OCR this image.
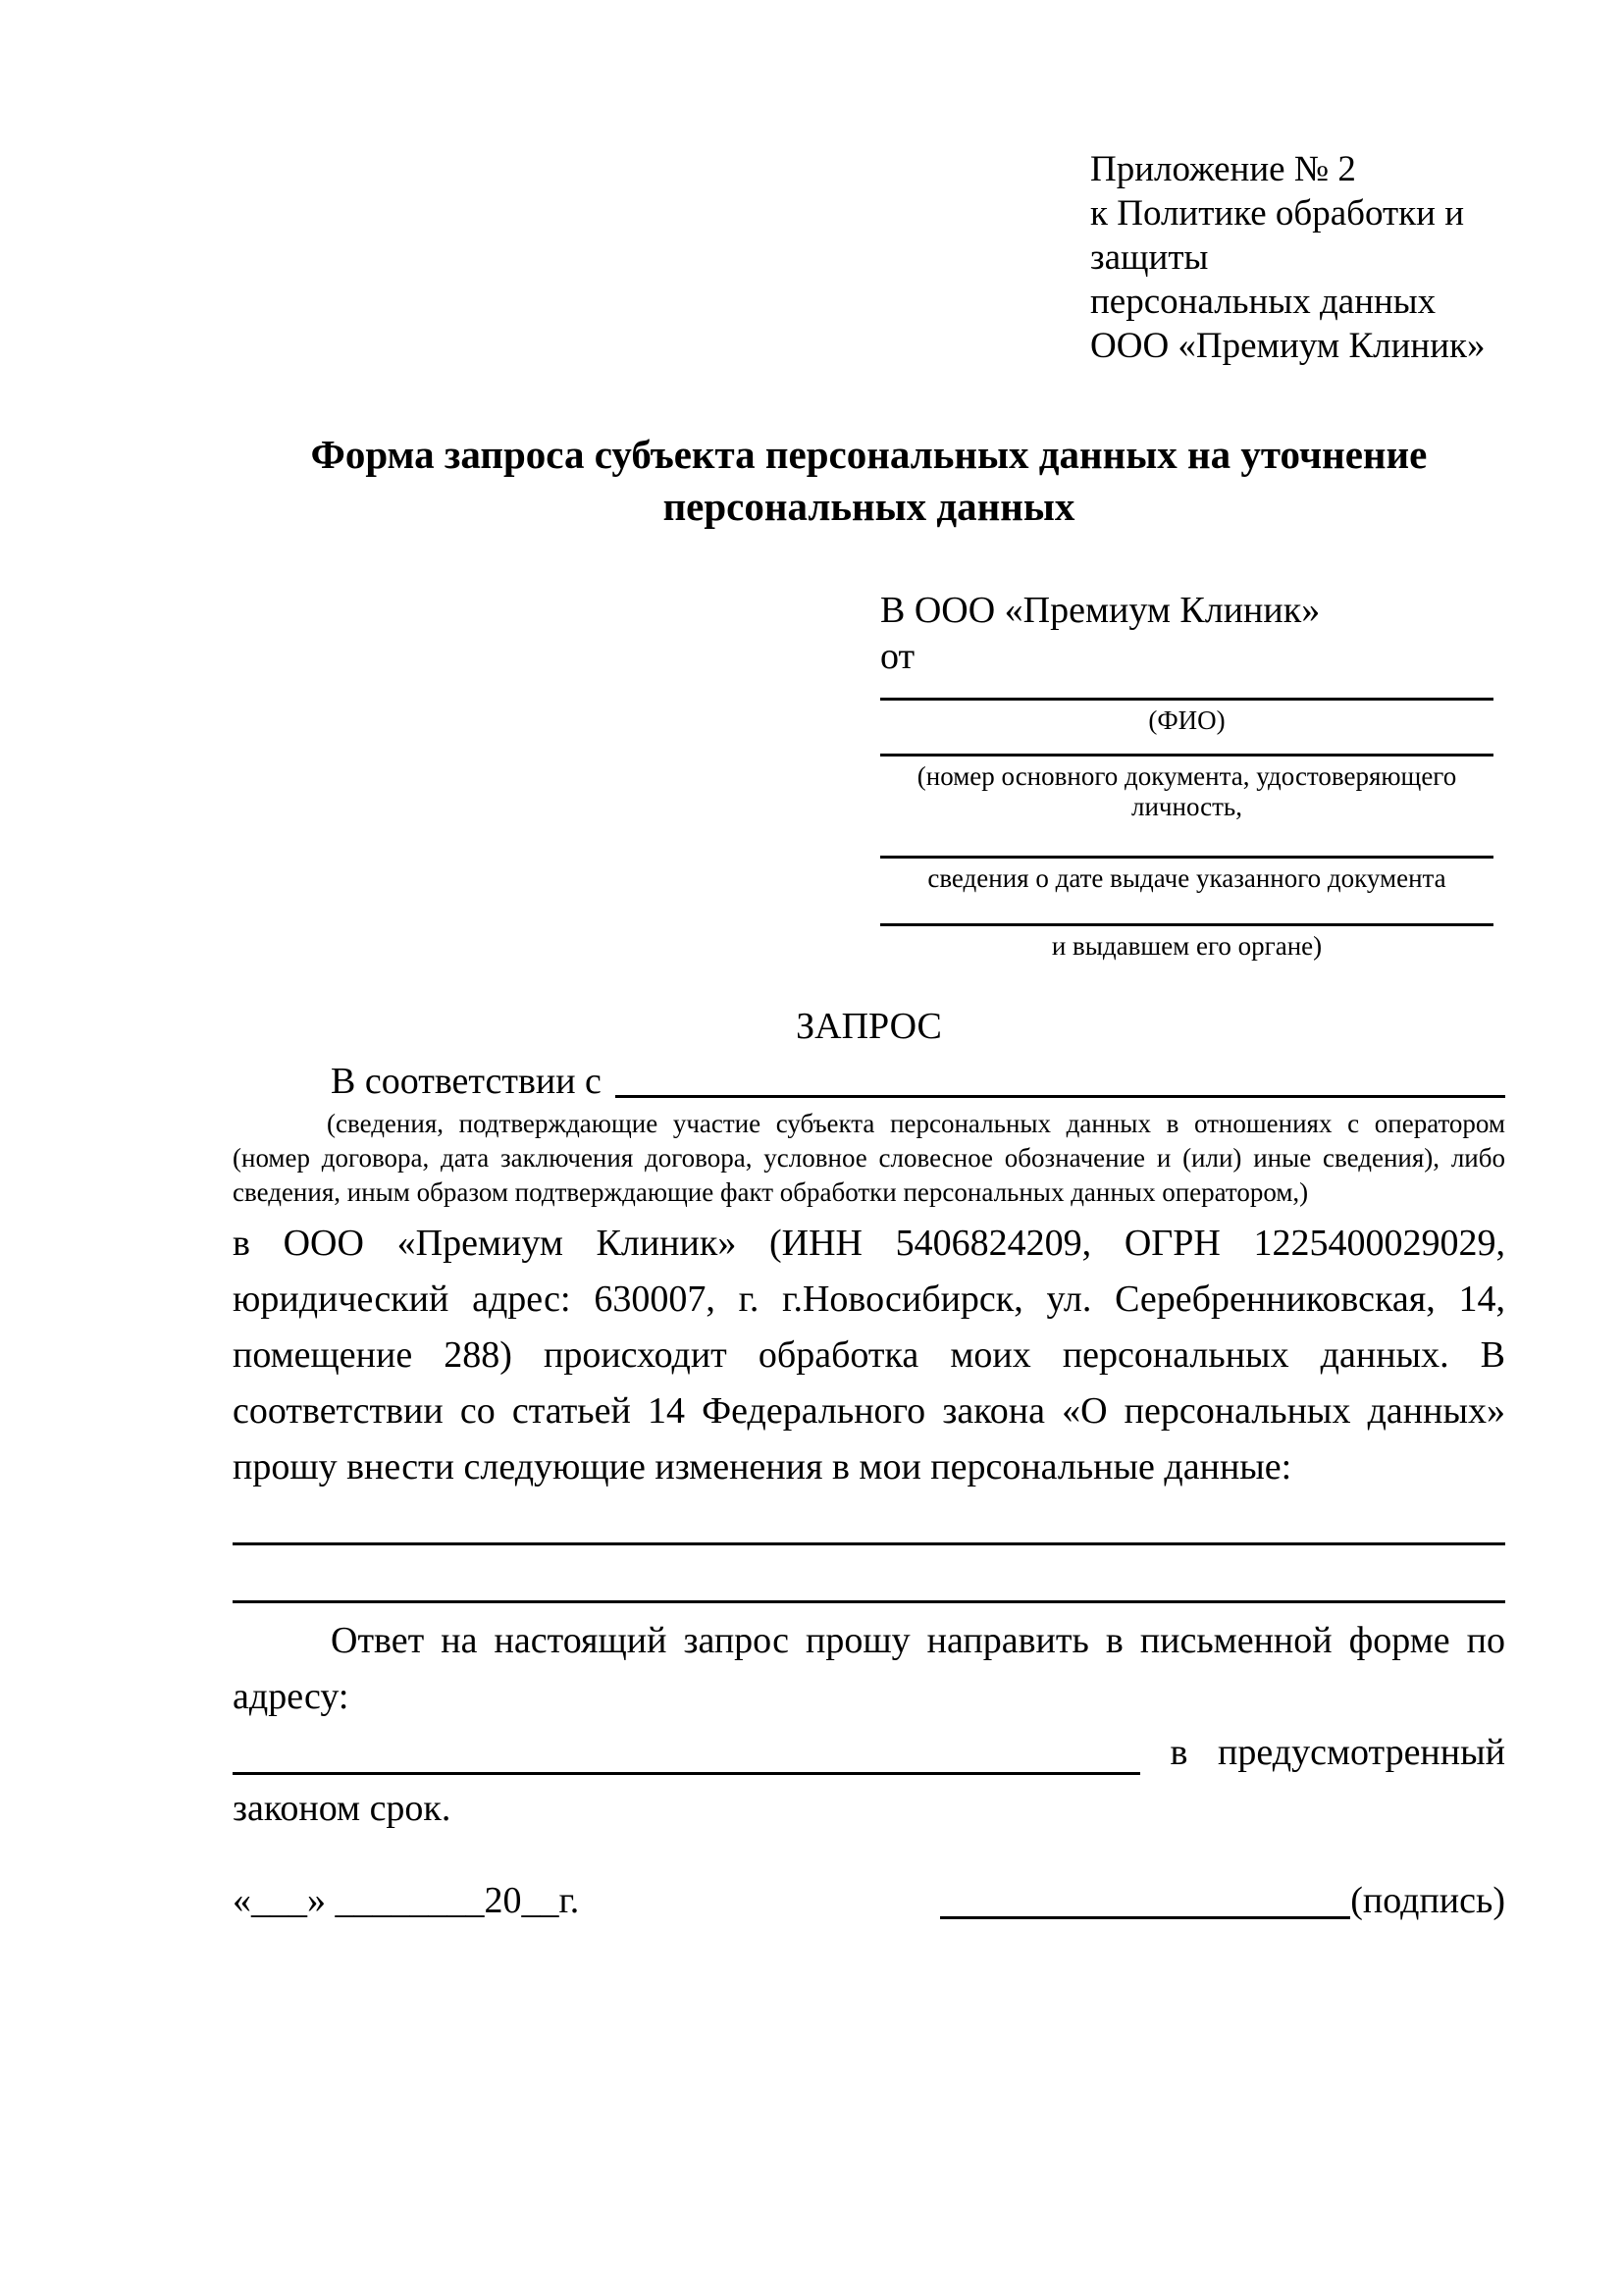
Приложение № 2
к Политике обработки и защиты
персональных данных
ООО «Премиум Клиник»
Форма запроса субъекта персональных данных на уточнение
персональных данных
В ООО «Премиум Клиник»
от
(ФИО)
(номер основного документа, удостоверяющего личность,
сведения о дате выдаче указанного документа
и выдавшем его органе)
ЗАПРОС
В соответствии с
(сведения, подтверждающие участие субъекта персональных данных в отношениях с оператором (номер договора, дата заключения договора, условное словесное обозначение и (или) иные сведения), либо сведения, иным образом подтверждающие факт обработки персональных данных оператором,)
в ООО «Премиум Клиник» (ИНН 5406824209, ОГРН 1225400029029, юридический адрес: 630007, г. г.Новосибирск, ул. Серебренниковская, 14, помещение 288) происходит обработка моих персональных данных. В соответствии со статьей 14 Федерального закона «О персональных данных» прошу внести следующие изменения в мои персональные данные:
Ответ на настоящий запрос прошу направить в письменной форме по адресу:
в предусмотренный
законом срок.
«___» ________20__г.	(подпись)
